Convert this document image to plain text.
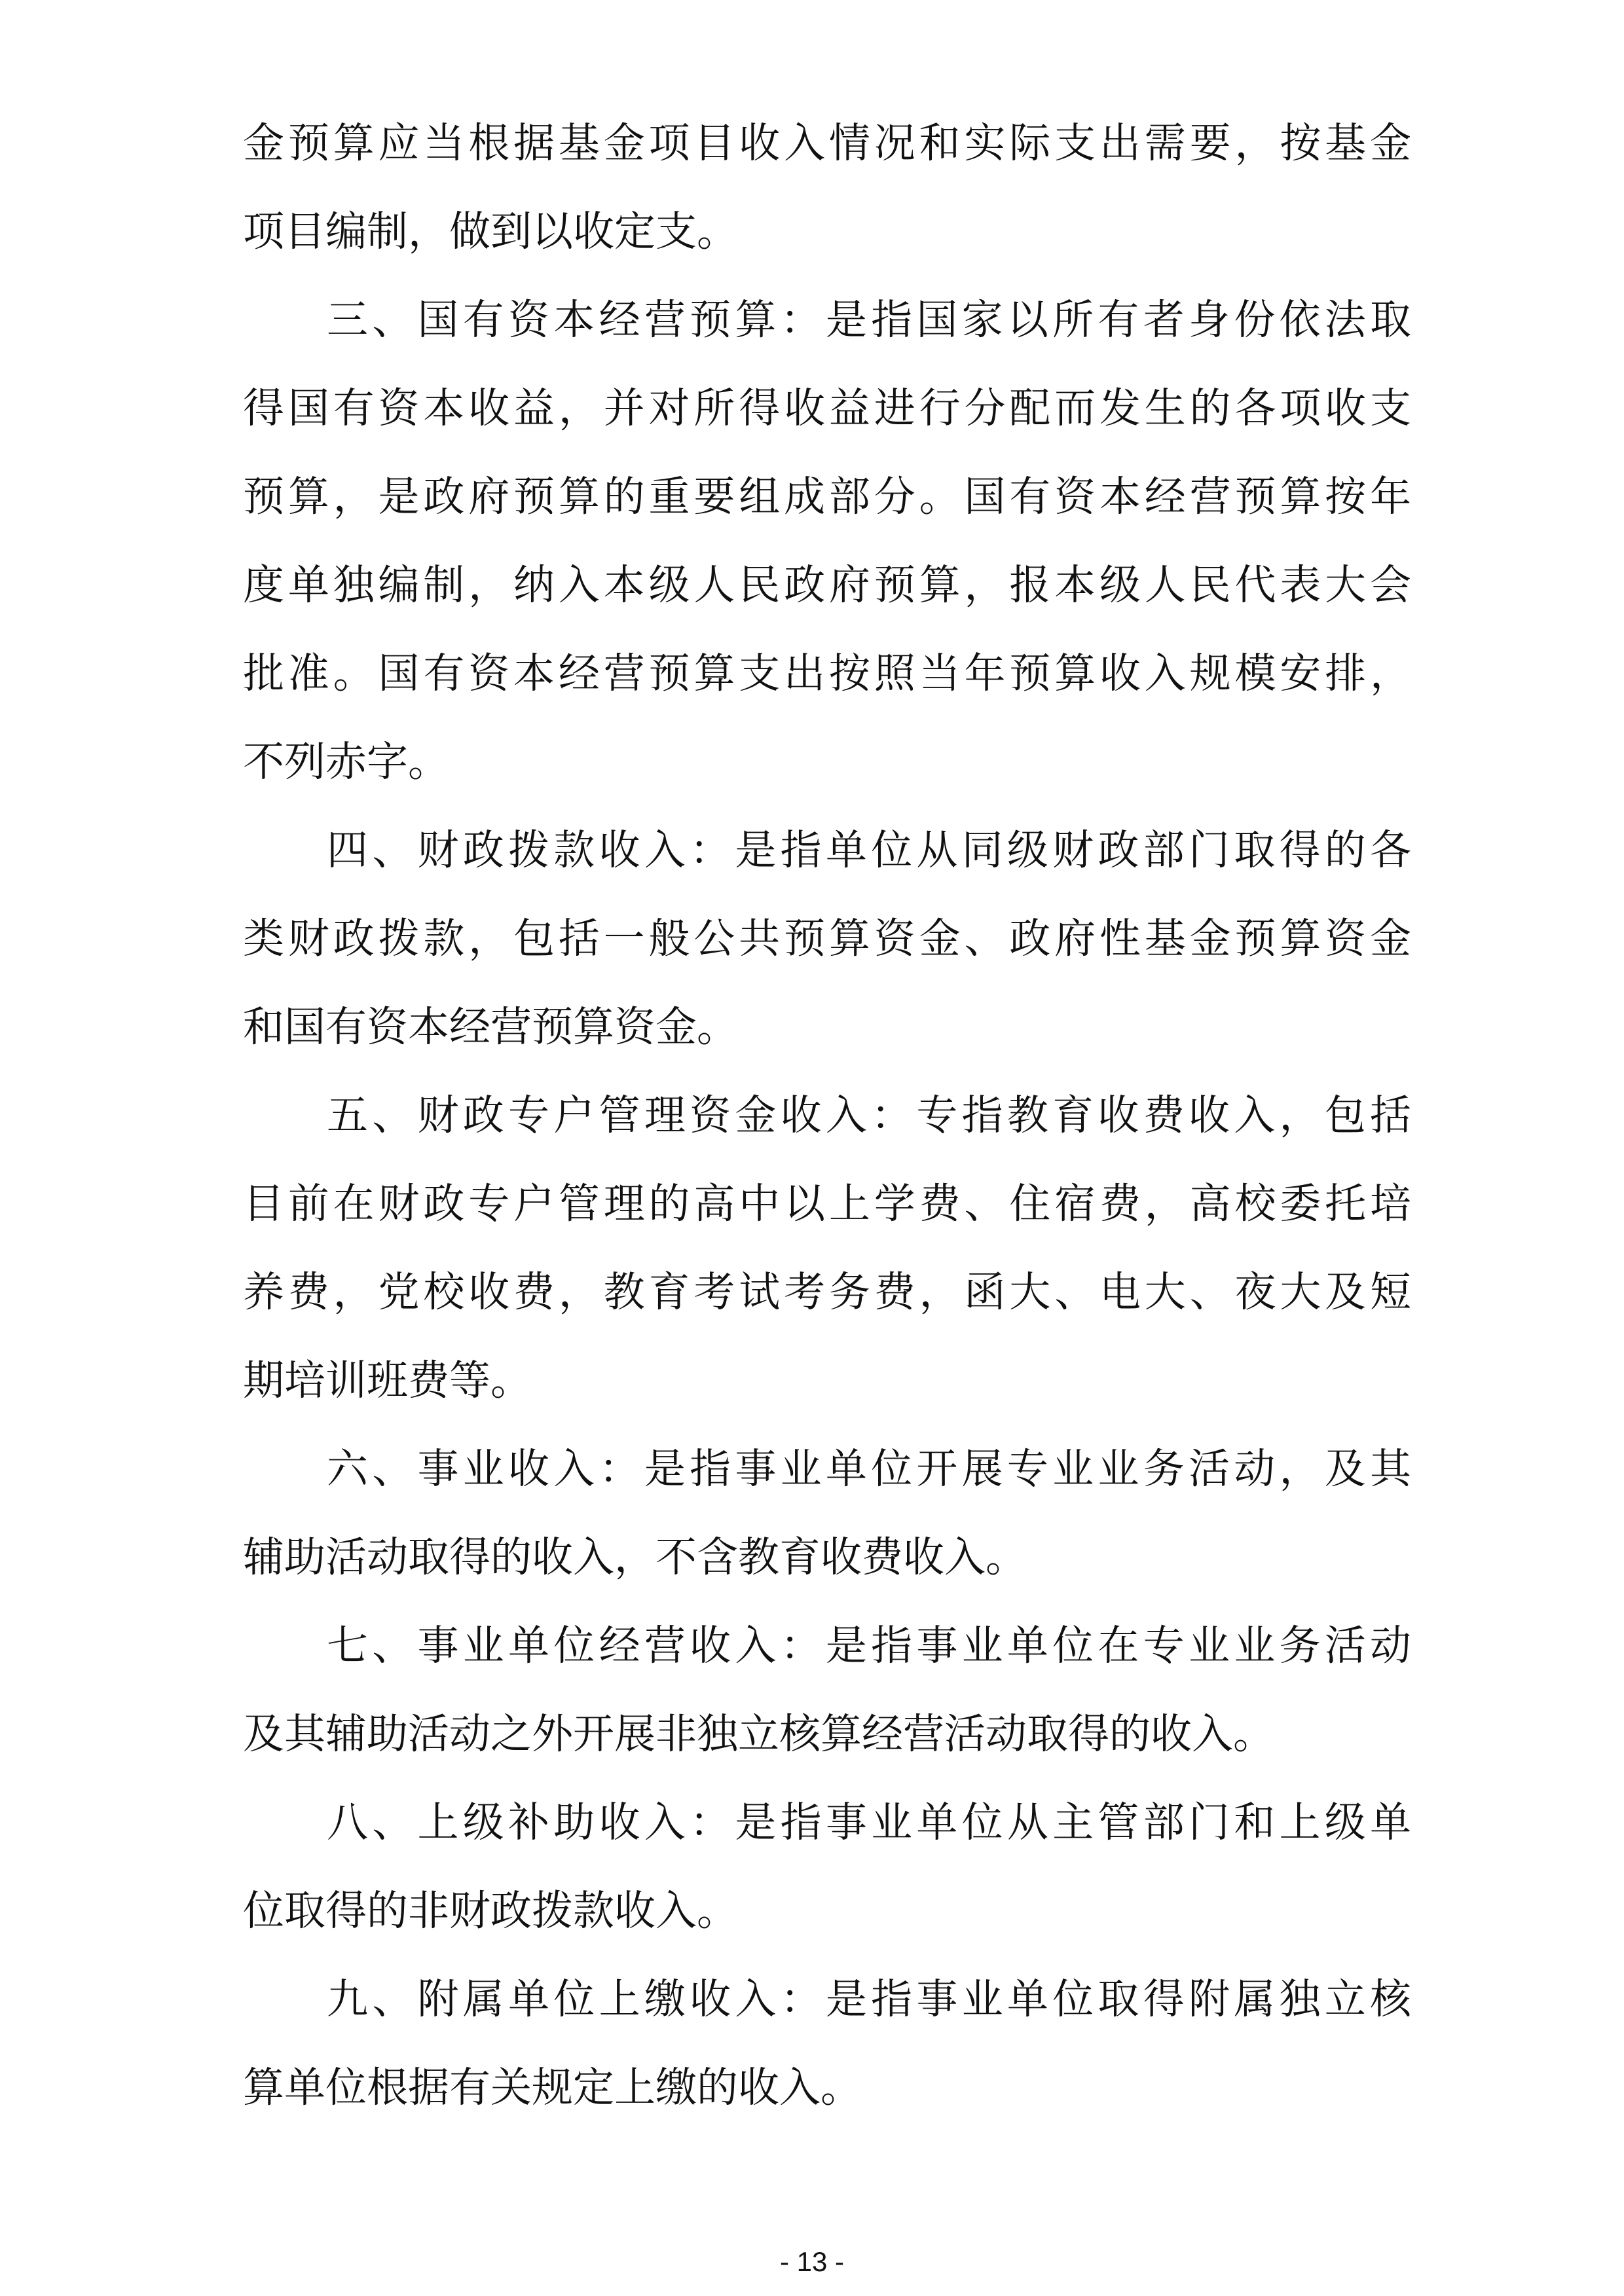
金预算应当根据基金项目收入情况和实际支出需要，按基金
项目编制，做到以收定支。
三、国有资本经营预算：是指国家以所有者身份依法取
得国有资本收益，并对所得收益进行分配而发生的各项收支
预算，是政府预算的重要组成部分。国有资本经营预算按年
度单独编制，纳入本级人民政府预算，报本级人民代表大会
批准。国有资本经营预算支出按照当年预算收入规模安排，
不列赤字。
四、财政拨款收入：是指单位从同级财政部门取得的各
类财政拨款，包括一般公共预算资金、政府性基金预算资金
和国有资本经营预算资金。
五、财政专户管理资金收入：专指教育收费收入，包括
目前在财政专户管理的高中以上学费、住宿费，高校委托培
养费，党校收费，教育考试考务费，函大、电大、夜大及短
期培训班费等。
六、事业收入：是指事业单位开展专业业务活动，及其
辅助活动取得的收入，不含教育收费收入。
七、事业单位经营收入：是指事业单位在专业业务活动
及其辅助活动之外开展非独立核算经营活动取得的收入。
八、上级补助收入：是指事业单位从主管部门和上级单
位取得的非财政拨款收入。
九、附属单位上缴收入：是指事业单位取得附属独立核
算单位根据有关规定上缴的收入。
- 13 -
